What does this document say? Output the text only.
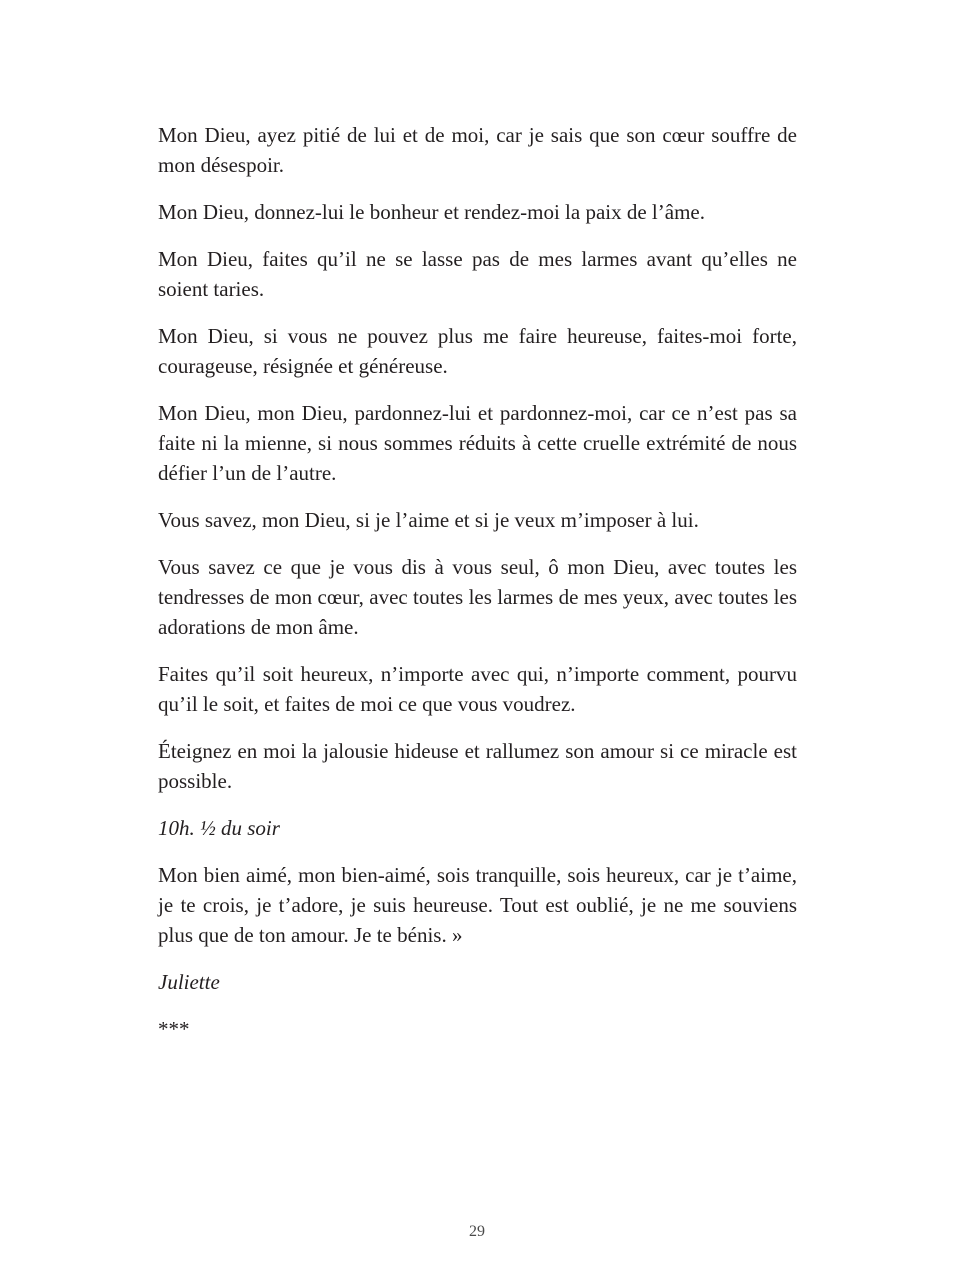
Mon Dieu, ayez pitié de lui et de moi, car je sais que son cœur souffre de mon désespoir.

Mon Dieu, donnez-lui le bonheur et rendez-moi la paix de l’âme.

Mon Dieu, faites qu’il ne se lasse pas de mes larmes avant qu’elles ne soient taries.

Mon Dieu, si vous ne pouvez plus me faire heureuse, faites-moi forte, courageuse, résignée et généreuse.

Mon Dieu, mon Dieu, pardonnez-lui et pardonnez-moi, car ce n’est pas sa faite ni la mienne, si nous sommes réduits à cette cruelle extrémité de nous défier l’un de l’autre.

Vous savez, mon Dieu, si je l’aime et si je veux m’imposer à lui.

Vous savez ce que je vous dis à vous seul, ô mon Dieu, avec toutes les tendresses de mon cœur, avec toutes les larmes de mes yeux, avec toutes les adorations de mon âme.

Faites qu’il soit heureux, n’importe avec qui, n’importe comment, pourvu qu’il le soit, et faites de moi ce que vous voudrez.

Éteignez en moi la jalousie hideuse et rallumez son amour si ce miracle est possible.

10h. ½ du soir

Mon bien aimé, mon bien-aimé, sois tranquille, sois heureux, car je t’aime, je te crois, je t’adore, je suis heureuse. Tout est oublié, je ne me souviens plus que de ton amour. Je te bénis. »

Juliette

***

29
